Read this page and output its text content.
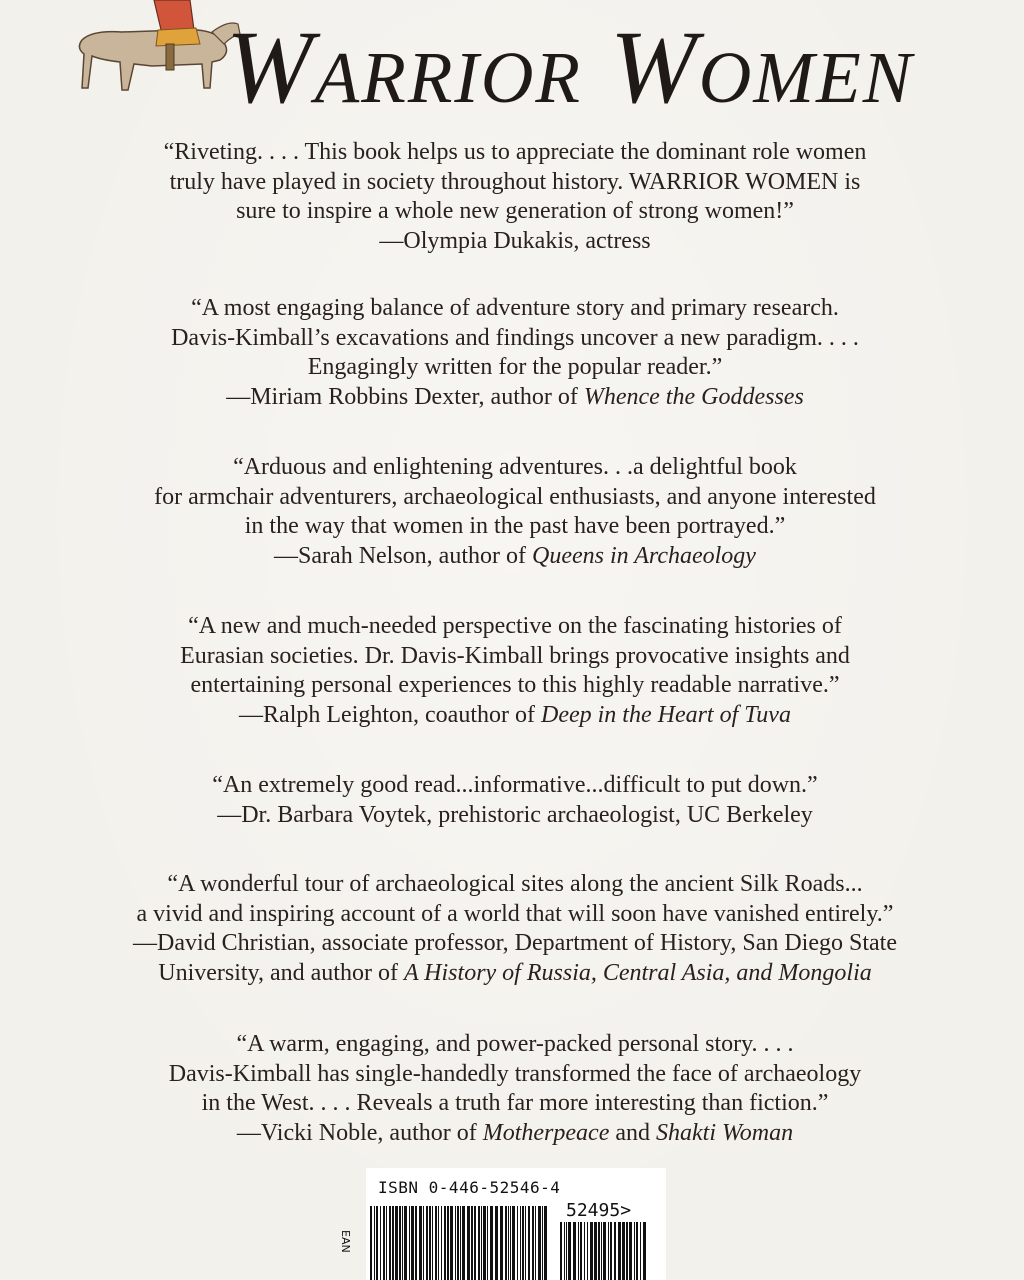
Warrior Women
“Riveting. . . . This book helps us to appreciate the dominant role women
truly have played in society throughout history. WARRIOR WOMEN is
sure to inspire a whole new generation of strong women!”
—Olympia Dukakis, actress
“A most engaging balance of adventure story and primary research.
Davis-Kimball’s excavations and findings uncover a new paradigm. . . .
Engagingly written for the popular reader.”
—Miriam Robbins Dexter, author of Whence the Goddesses
“Arduous and enlightening adventures. . .a delightful book
for armchair adventurers, archaeological enthusiasts, and anyone interested
in the way that women in the past have been portrayed.”
—Sarah Nelson, author of Queens in Archaeology
“A new and much-needed perspective on the fascinating histories of
Eurasian societies. Dr. Davis-Kimball brings provocative insights and
entertaining personal experiences to this highly readable narrative.”
—Ralph Leighton, coauthor of Deep in the Heart of Tuva
“An extremely good read...informative...difficult to put down.”
—Dr. Barbara Voytek, prehistoric archaeologist, UC Berkeley
“A wonderful tour of archaeological sites along the ancient Silk Roads...
a vivid and inspiring account of a world that will soon have vanished entirely.”
—David Christian, associate professor, Department of History, San Diego State
University, and author of A History of Russia, Central Asia, and Mongolia
“A warm, engaging, and power-packed personal story. . . .
Davis-Kimball has single-handedly transformed the face of archaeology
in the West. . . . Reveals a truth far more interesting than fiction.”
—Vicki Noble, author of Motherpeace and Shakti Woman
ISBN 0-446-52546-4
52495>
EAN
